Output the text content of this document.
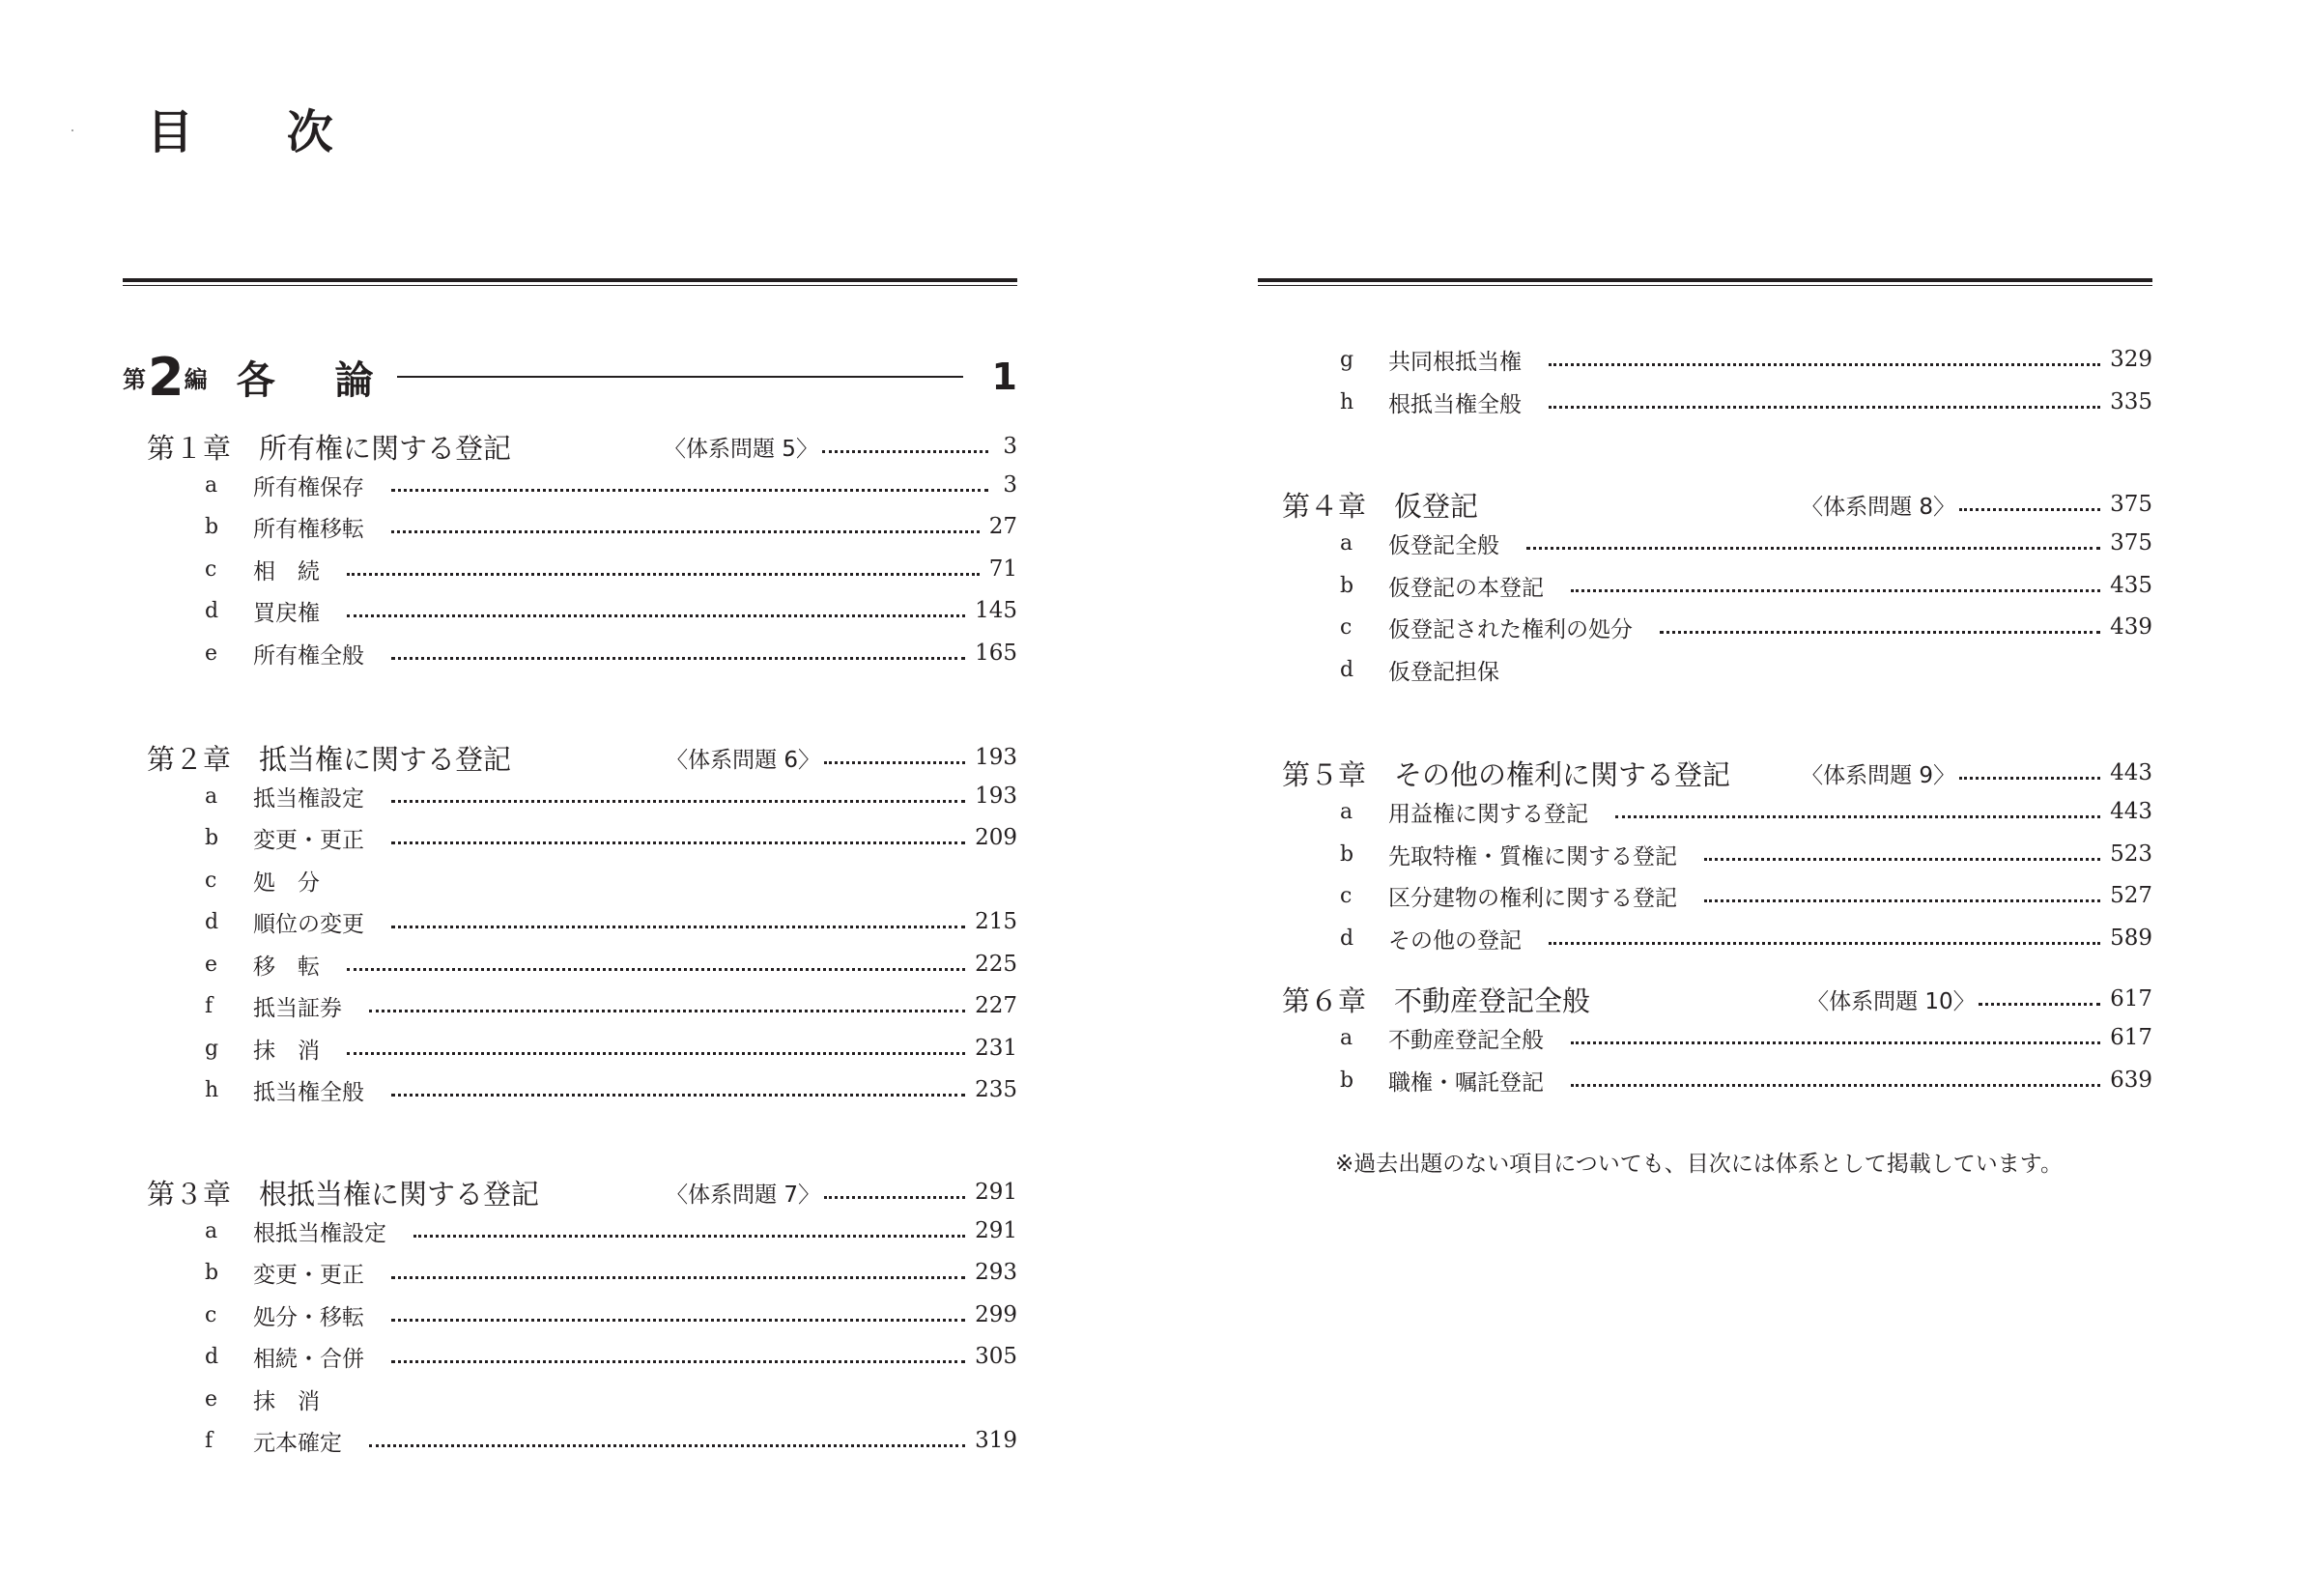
目 次
第 2 編 各 論	1
第１章　所有権に関する登記	〈体系問題 5〉	3
a	所有権保存	3
b	所有権移転	27
c	相　続	71
d	買戻権	145
e	所有権全般	165
第２章　抵当権に関する登記	〈体系問題 6〉	193
a	抵当権設定	193
b	変更・更正	209
c	処　分
d	順位の変更	215
e	移　転	225
f	抵当証券	227
g	抹　消	231
h	抵当権全般	235
第３章　根抵当権に関する登記	〈体系問題 7〉	291
a	根抵当権設定	291
b	変更・更正	293
c	処分・移転	299
d	相続・合併	305
e	抹　消
f	元本確定	319
g	共同根抵当権	329
h	根抵当権全般	335
第４章　仮登記	〈体系問題 8〉	375
a	仮登記全般	375
b	仮登記の本登記	435
c	仮登記された権利の処分	439
d	仮登記担保
第５章　その他の権利に関する登記	〈体系問題 9〉	443
a	用益権に関する登記	443
b	先取特権・質権に関する登記	523
c	区分建物の権利に関する登記	527
d	その他の登記	589
第６章　不動産登記全般	〈体系問題 10〉	617
a	不動産登記全般	617
b	職権・嘱託登記	639
※過去出題のない項目についても、目次には体系として掲載しています。
